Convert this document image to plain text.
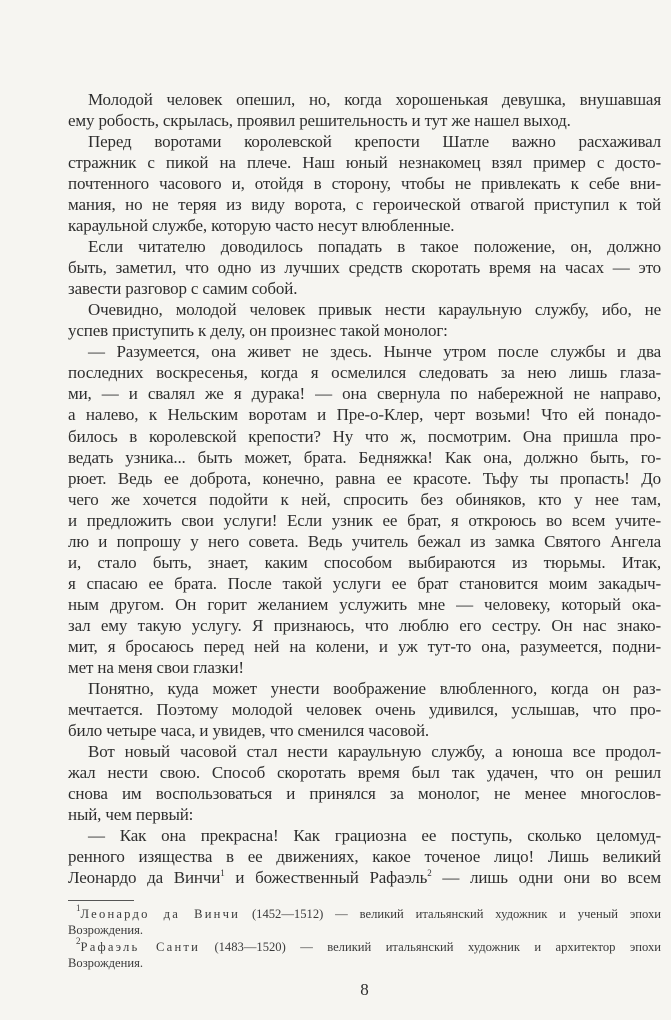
Молодой человек опешил, но, когда хорошенькая девушка, внушавшая
ему робость, скрылась, проявил решительность и тут же нашел выход.
Перед воротами королевской крепости Шатле важно расхаживал
стражник с пикой на плече. Наш юный незнакомец взял пример с досто-
почтенного часового и, отойдя в сторону, чтобы не привлекать к себе вни-
мания, но не теряя из виду ворота, с героической отвагой приступил к той
караульной службе, которую часто несут влюбленные.
Если читателю доводилось попадать в такое положение, он, должно
быть, заметил, что одно из лучших средств скоротать время на часах — это
завести разговор с самим собой.
Очевидно, молодой человек привык нести караульную службу, ибо, не
успев приступить к делу, он произнес такой монолог:
— Разумеется, она живет не здесь. Нынче утром после службы и два
последних воскресенья, когда я осмелился следовать за нею лишь глаза-
ми, — и свалял же я дурака! — она свернула по набережной не направо,
а налево, к Нельским воротам и Пре-о-Клер, черт возьми! Что ей понадо-
билось в королевской крепости? Ну что ж, посмотрим. Она пришла про-
ведать узника... быть может, брата. Бедняжка! Как она, должно быть, го-
рюет. Ведь ее доброта, конечно, равна ее красоте. Тьфу ты пропасть! До
чего же хочется подойти к ней, спросить без обиняков, кто у нее там,
и предложить свои услуги! Если узник ее брат, я откроюсь во всем учите-
лю и попрошу у него совета. Ведь учитель бежал из замка Святого Ангела
и, стало быть, знает, каким способом выбираются из тюрьмы. Итак,
я спасаю ее брата. После такой услуги ее брат становится моим закадыч-
ным другом. Он горит желанием услужить мне — человеку, который ока-
зал ему такую услугу. Я признаюсь, что люблю его сестру. Он нас знако-
мит, я бросаюсь перед ней на колени, и уж тут-то она, разумеется, подни-
мет на меня свои глазки!
Понятно, куда может унести воображение влюбленного, когда он раз-
мечтается. Поэтому молодой человек очень удивился, услышав, что про-
било четыре часа, и увидев, что сменился часовой.
Вот новый часовой стал нести караульную службу, а юноша все продол-
жал нести свою. Способ скоротать время был так удачен, что он решил
снова им воспользоваться и принялся за монолог, не менее многослов-
ный, чем первый:
— Как она прекрасна! Как грациозна ее поступь, сколько целомуд-
ренного изящества в ее движениях, какое точеное лицо! Лишь великий
Леонардо да Винчи$^1$ и божественный Рафаэль$^2$ — лишь одни они во всем
$^1$Леонардо да Винчи (1452—1512) — великий итальянский художник и ученый эпохи
Возрождения.
$^2$Рафаэль Санти (1483—1520) — великий итальянский художник и архитектор эпохи
Возрождения.
8
